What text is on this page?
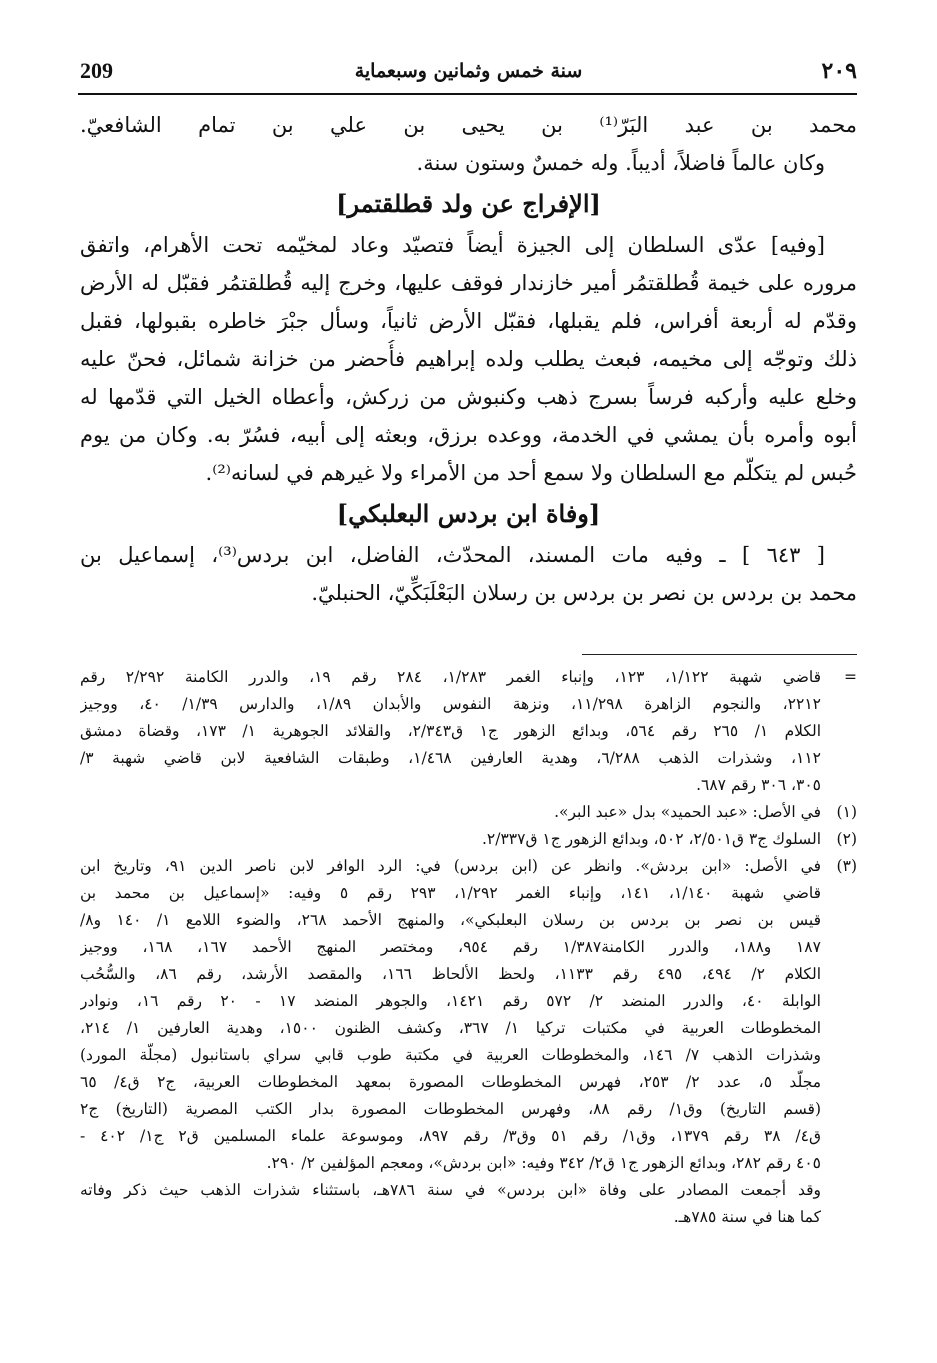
209	سنة خمس وثمانين وسبعماية	٢٠٩
محمد بن عبد البَرّ⁽¹⁾ بن يحيى بن علي بن تمام الشافعيّ.
وكان عالماً فاضلاً، أديباً. وله خمسٌ وستون سنة.
[الإفراج عن ولد قطلقتمر]
[وفيه] عدّى السلطان إلى الجيزة أيضاً فتصيّد وعاد لمخيّمه تحت الأهرام، واتفق
مروره على خيمة قُطلقتمُر أمير خازندار فوقف عليها، وخرج إليه قُطلقتمُر فقبّل له الأرض
وقدّم له أربعة أفراس، فلم يقبلها، فقبّل الأرض ثانياً، وسأل جبْرَ خاطره بقبولها، فقبل
ذلك وتوجّه إلى مخيمه، فبعث يطلب ولده إبراهيم فأُحضر من خزانة شمائل، فحنّ عليه
وخلع عليه وأركبه فرساً بسرج ذهب وكنبوش من زركش، وأعطاه الخيل التي قدّمها له
أبوه وأمره بأن يمشي في الخدمة، ووعده برزق، وبعثه إلى أبيه، فسُرّ به. وكان من يوم
حُبس لم يتكلّم مع السلطان ولا سمع أحد من الأمراء ولا غيرهم في لسانه⁽²⁾.
[وفاة ابن بردس البعلبكي]
[ ٦٤٣ ] ـ وفيه مات المسند، المحدّث، الفاضل، ابن بردس⁽³⁾، إسماعيل بن
محمد بن بردس بن نصر بن بردس بن رسلان البَعْلَبَكِّيّ، الحنبليّ.
=قاضي شهبة ١/١٢٢، ١٢٣، وإنباء الغمر ١/٢٨٣، ٢٨٤ رقم ١٩، والدرر الكامنة ٢/٢٩٢ رقم
٢٢١٢، والنجوم الزاهرة ١١/٢٩٨، ونزهة النفوس والأبدان ١/٨٩، والدارس ١/٣٩/ ٤٠، ووجيز
الكلام ١/ ٢٦٥ رقم ٥٦٤، وبدائع الزهور ج١ ق٢/٣٤٣، والقلائد الجوهرية ١/ ١٧٣، وقضاة دمشق
١١٢، وشذرات الذهب ٦/٢٨٨، وهدية العارفين ١/٤٦٨، وطبقات الشافعية لابن قاضي شهبة ٣/
٣٠٥، ٣٠٦ رقم ٦٨٧.
(١)في الأصل: «عبد الحميد» بدل «عبد البر».
(٢)السلوك ج٣ ق٢/٥٠١، ٥٠٢، وبدائع الزهور ج١ ق٢/٣٣٧.
(٣)في الأصل: «ابن بردش». وانظر عن (ابن بردس) في: الرد الوافر لابن ناصر الدين ٩١، وتاريخ ابن
قاضي شهبة ١/١٤٠، ١٤١، وإنباء الغمر ١/٢٩٢، ٢٩٣ رقم ٥ وفيه: «إسماعيل بن محمد بن
قيس بن نصر بن بردس بن رسلان البعلبكي»، والمنهج الأحمد ٢٦٨، والضوء اللامع ١/ ١٤٠ و٨/
١٨٧ و١٨٨، والدرر الكامنة١/٣٨٧ رقم ٩٥٤، ومختصر المنهج الأحمد ١٦٧، ١٦٨، ووجيز
الكلام ٢/ ٤٩٤، ٤٩٥ رقم ١١٣٣، ولحظ الألحاظ ١٦٦، والمقصد الأرشد، رقم ٨٦، والسُّحُب
الوابلة ٤٠، والدرر المنضد ٢/ ٥٧٢ رقم ١٤٢١، والجوهر المنضد ١٧ - ٢٠ رقم ١٦، ونوادر
المخطوطات العربية في مكتبات تركيا ١/ ٣٦٧، وكشف الظنون ١٥٠٠، وهدية العارفين ١/ ٢١٤،
وشذرات الذهب ٧/ ١٤٦، والمخطوطات العربية في مكتبة طوب قابي سراي باستانبول (مجلّة المورد)
مجلّد ٥، عدد ٢/ ٢٥٣، فهرس المخطوطات المصورة بمعهد المخطوطات العربية، ج٢ ق٤/ ٦٥
(قسم التاريخ) وق١/ رقم ٨٨، وفهرس المخطوطات المصورة بدار الكتب المصرية (التاريخ) ج٢
ق٤/ ٣٨ رقم ١٣٧٩، وق١/ رقم ٥١ وق٣/ رقم ٨٩٧، وموسوعة علماء المسلمين ق٢ ج١/ ٤٠٢ -
٤٠٥ رقم ٢٨٢، وبدائع الزهور ج١ ق٢/ ٣٤٢ وفيه: «ابن بردش»، ومعجم المؤلفين ٢/ ٢٩٠.
وقد أجمعت المصادر على وفاة «ابن بردس» في سنة ٧٨٦هـ، باستثناء شذرات الذهب حيث ذكر وفاته
كما هنا في سنة ٧٨٥هـ.
